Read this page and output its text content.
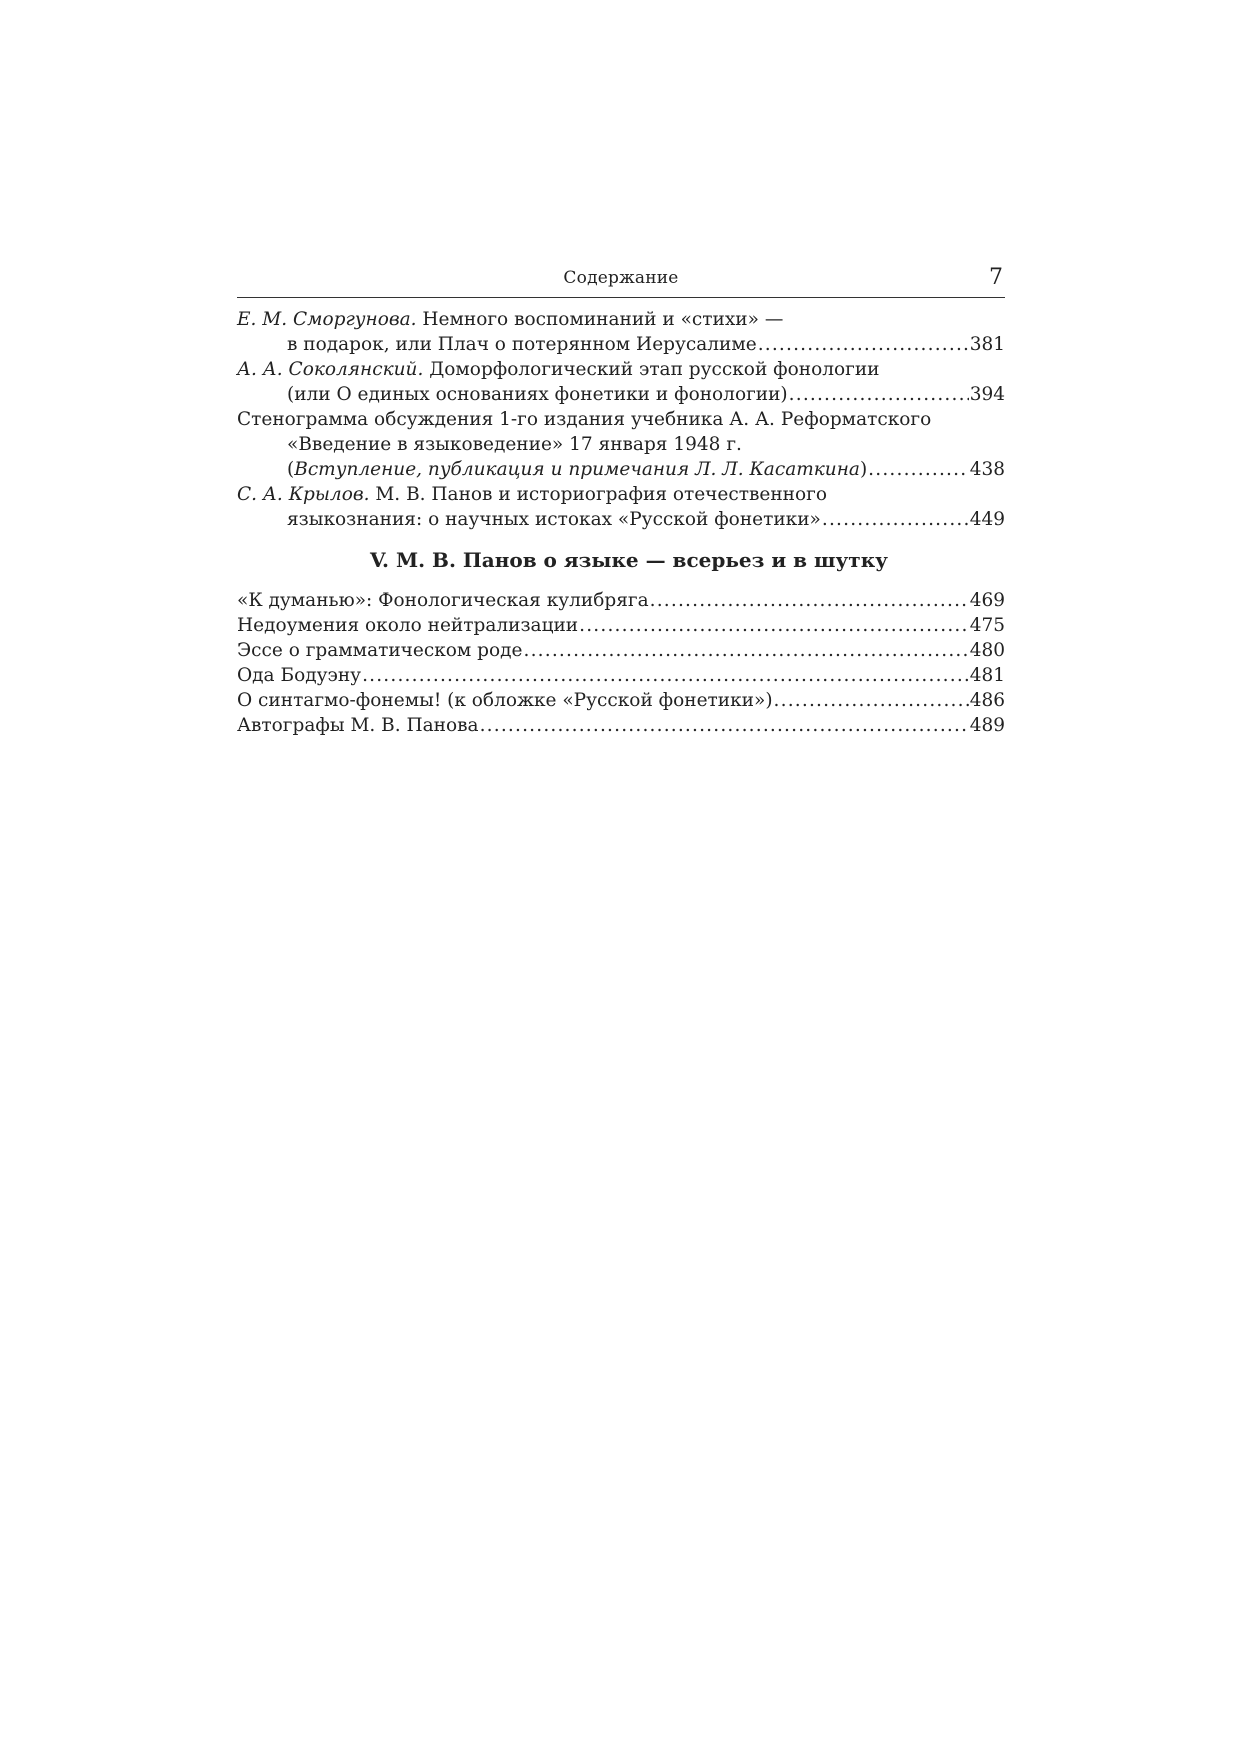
Содержание	7
Е. М. Сморгунова. Немного воспоминаний и «стихи» —
в подарок, или Плач о потерянном Иерусалиме .....	381
А. А. Соколянский. Доморфологический этап русской фонологии
(или О единых основаниях фонетики и фонологии) .....	394
Стенограмма обсуждения 1-го издания учебника А. А. Реформатского
«Введение в языковедение» 17 января 1948 г.
(Вступление, публикация и примечания Л. Л. Касаткина) .....	438
С. А. Крылов. М. В. Панов и историография отечественного
языкознания: о научных истоках «Русской фонетики» .....	449
V. М. В. Панов о языке — всерьез и в шутку
«К думанью»: Фонологическая кулибряга .....	469
Недоумения около нейтрализации .....	475
Эссе о грамматическом роде .....	480
Ода Бодуэну .....	481
О синтагмо-фонемы! (к обложке «Русской фонетики») .....	486
Автографы М. В. Панова .....	489
